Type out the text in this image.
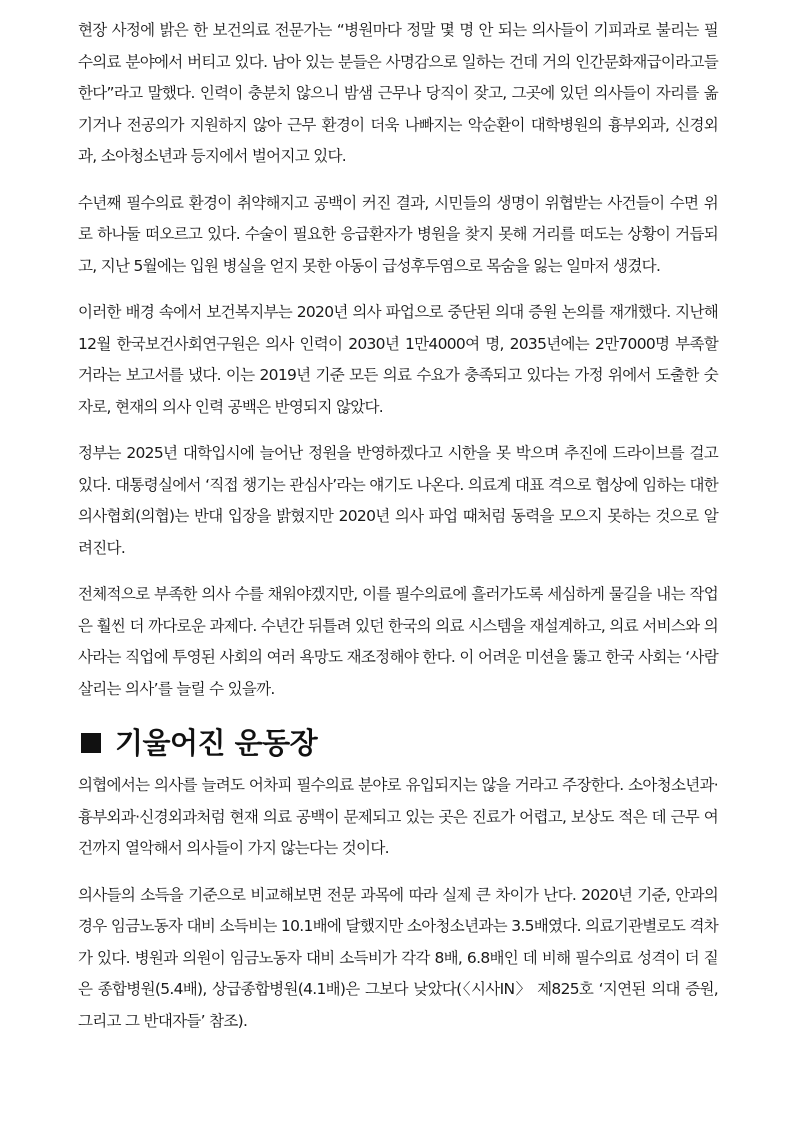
현장 사정에 밝은 한 보건의료 전문가는 “병원마다 정말 몇 명 안 되는 의사들이 기피과로 불리는 필수의료 분야에서 버티고 있다. 남아 있는 분들은 사명감으로 일하는 건데 거의 인간문화재급이라고들 한다”라고 말했다. 인력이 충분치 않으니 밤샘 근무나 당직이 잦고, 그곳에 있던 의사들이 자리를 옮기거나 전공의가 지원하지 않아 근무 환경이 더욱 나빠지는 악순환이 대학병원의 흉부외과, 신경외과, 소아청소년과 등지에서 벌어지고 있다.

수년째 필수의료 환경이 취약해지고 공백이 커진 결과, 시민들의 생명이 위협받는 사건들이 수면 위로 하나둘 떠오르고 있다. 수술이 필요한 응급환자가 병원을 찾지 못해 거리를 떠도는 상황이 거듭되고, 지난 5월에는 입원 병실을 얻지 못한 아동이 급성후두염으로 목숨을 잃는 일마저 생겼다.

이러한 배경 속에서 보건복지부는 2020년 의사 파업으로 중단된 의대 증원 논의를 재개했다. 지난해 12월 한국보건사회연구원은 의사 인력이 2030년 1만4000여 명, 2035년에는 2만7000명 부족할 거라는 보고서를 냈다. 이는 2019년 기준 모든 의료 수요가 충족되고 있다는 가정 위에서 도출한 숫자로, 현재의 의사 인력 공백은 반영되지 않았다.

정부는 2025년 대학입시에 늘어난 정원을 반영하겠다고 시한을 못 박으며 추진에 드라이브를 걸고 있다. 대통령실에서 ‘직접 챙기는 관심사’라는 얘기도 나온다. 의료계 대표 격으로 협상에 임하는 대한의사협회(의협)는 반대 입장을 밝혔지만 2020년 의사 파업 때처럼 동력을 모으지 못하는 것으로 알려진다.

전체적으로 부족한 의사 수를 채워야겠지만, 이를 필수의료에 흘러가도록 세심하게 물길을 내는 작업은 훨씬 더 까다로운 과제다. 수년간 뒤틀려 있던 한국의 의료 시스템을 재설계하고, 의료 서비스와 의사라는 직업에 투영된 사회의 여러 욕망도 재조정해야 한다. 이 어려운 미션을 뚫고 한국 사회는 ‘사람 살리는 의사’를 늘릴 수 있을까.

기울어진 운동장

의협에서는 의사를 늘려도 어차피 필수의료 분야로 유입되지는 않을 거라고 주장한다. 소아청소년과·흉부외과·신경외과처럼 현재 의료 공백이 문제되고 있는 곳은 진료가 어렵고, 보상도 적은 데 근무 여건까지 열악해서 의사들이 가지 않는다는 것이다.

의사들의 소득을 기준으로 비교해보면 전문 과목에 따라 실제 큰 차이가 난다. 2020년 기준, 안과의 경우 임금노동자 대비 소득비는 10.1배에 달했지만 소아청소년과는 3.5배였다. 의료기관별로도 격차가 있다. 병원과 의원이 임금노동자 대비 소득비가 각각 8배, 6.8배인 데 비해 필수의료 성격이 더 짙은 종합병원(5.4배), 상급종합병원(4.1배)은 그보다 낮았다(〈시사IN〉 제825호 ‘지연된 의대 증원, 그리고 그 반대자들’ 참조).
